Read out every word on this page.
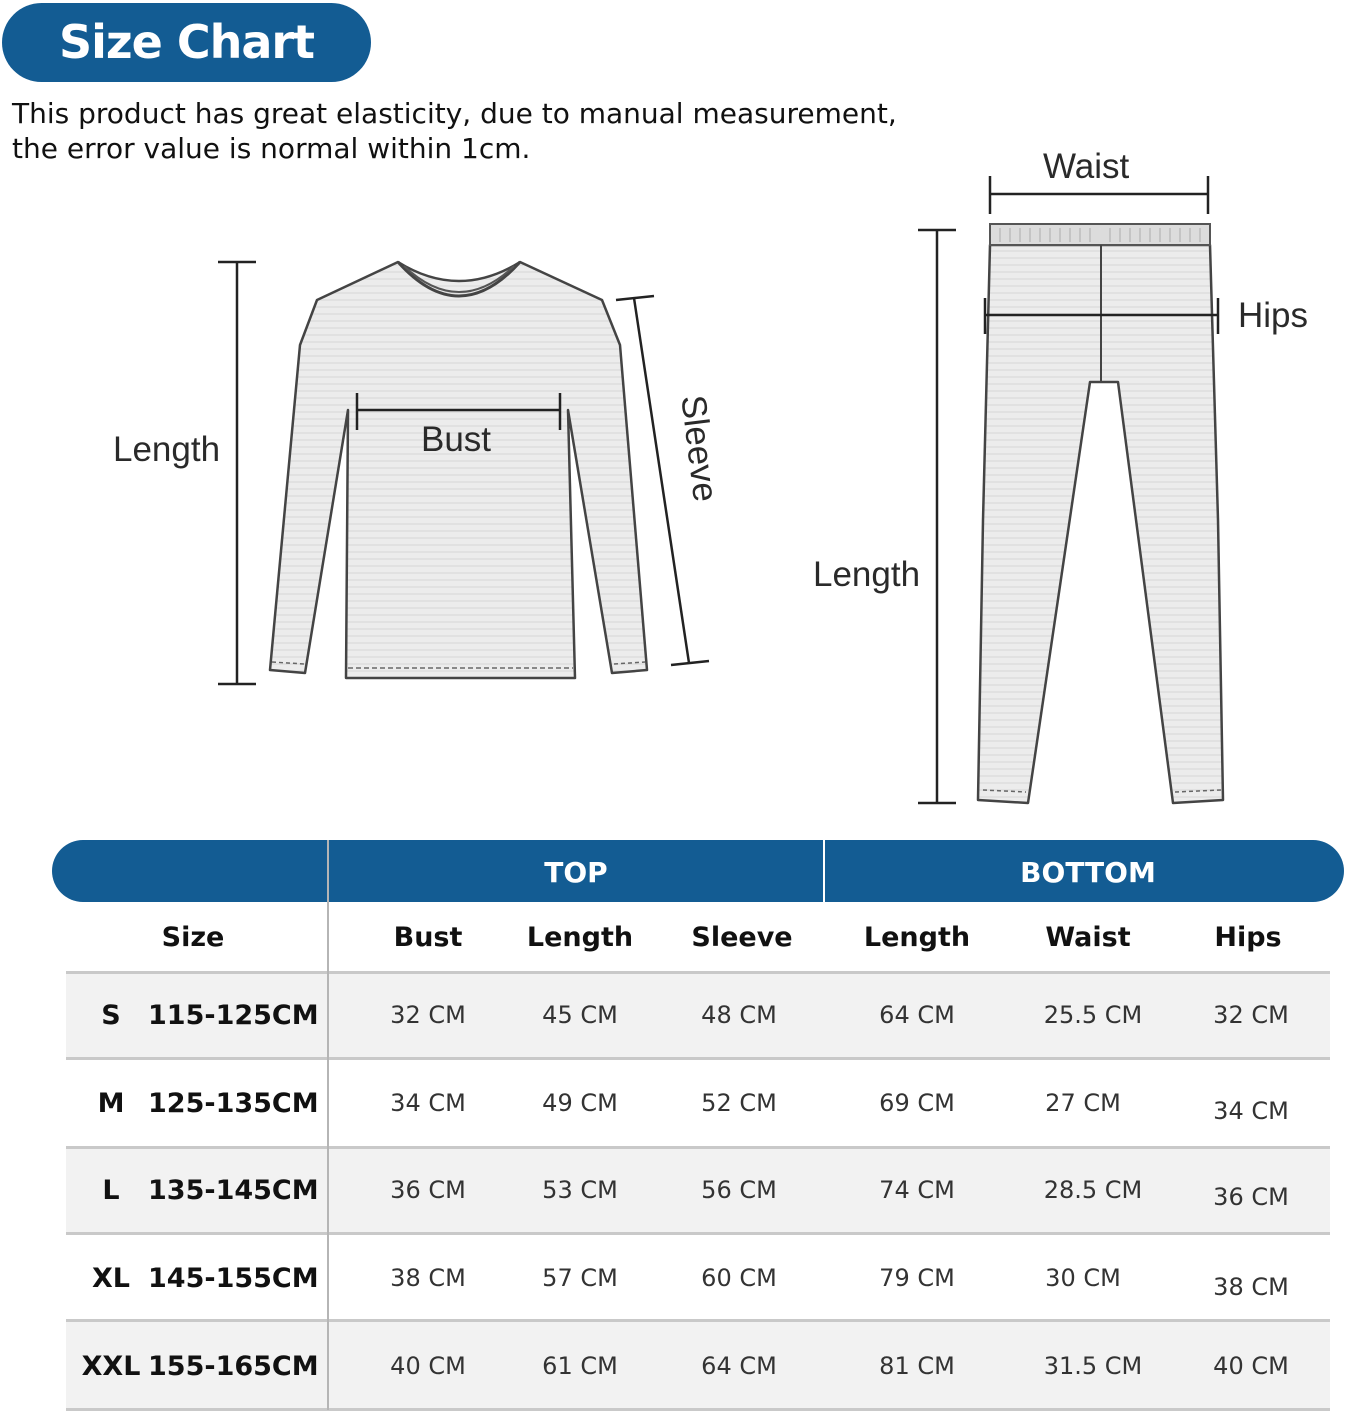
Size Chart
This product has great elasticity, due to manual measurement,
the error value is normal within 1cm.
Length	Bust	Sleeve
Waist
Hips
Length
TOP	BOTTOM
Size	Bust	Length	Sleeve	Length	Waist	Hips
S	115-125CM	32 CM	45 CM	48 CM	64 CM	25.5 CM	32 CM
M 125-135CM	34 CM	49 CM	52 CM	69 CM	27 CM	34 CM
L	135-145CM	36 CM	53 CM	56 CM	74 CM	28.5 CM	36 CM
XL 145-155CM	38 CM	57 CM	60 CM	79 CM	30 CM	38 CM
XXL 155-165CM	40 CM	61 CM	64 CM	81 CM	31.5 CM	40 CM
